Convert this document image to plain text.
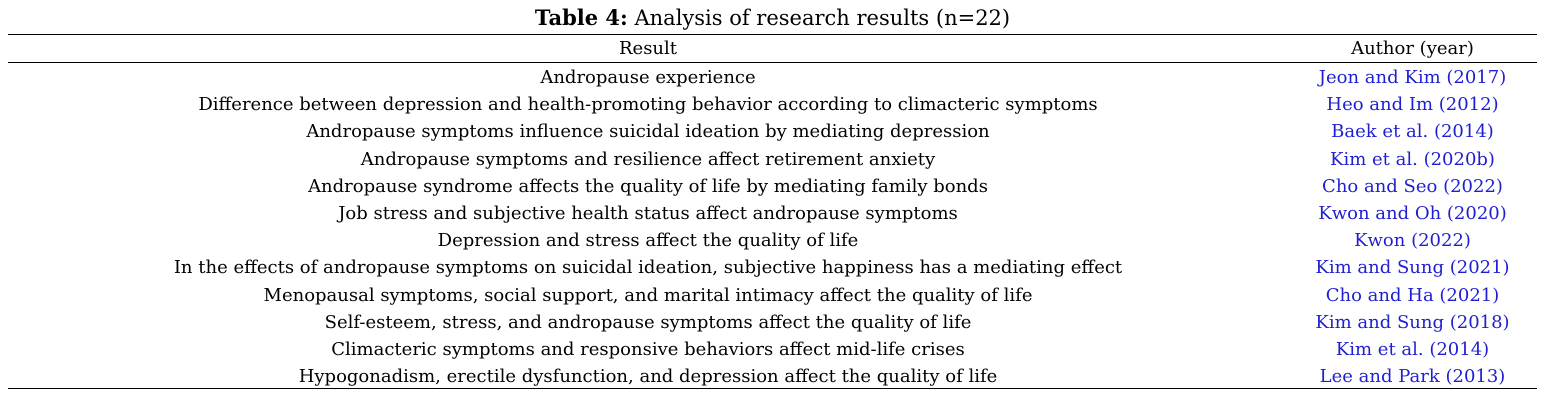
Table 4: Analysis of research results (n=22)
Result	Author (year)
Andropause experience	Jeon and Kim (2017)
Difference between depression and health-promoting behavior according to climacteric symptoms	Heo and Im (2012)
Andropause symptoms influence suicidal ideation by mediating depression	Baek et al. (2014)
Andropause symptoms and resilience affect retirement anxiety	Kim et al. (2020b)
Andropause syndrome affects the quality of life by mediating family bonds	Cho and Seo (2022)
Job stress and subjective health status affect andropause symptoms	Kwon and Oh (2020)
Depression and stress affect the quality of life	Kwon (2022)
In the effects of andropause symptoms on suicidal ideation, subjective happiness has a mediating effect	Kim and Sung (2021)
Menopausal symptoms, social support, and marital intimacy affect the quality of life	Cho and Ha (2021)
Self-esteem, stress, and andropause symptoms affect the quality of life	Kim and Sung (2018)
Climacteric symptoms and responsive behaviors affect mid-life crises	Kim et al. (2014)
Hypogonadism, erectile dysfunction, and depression affect the quality of life	Lee and Park (2013)
